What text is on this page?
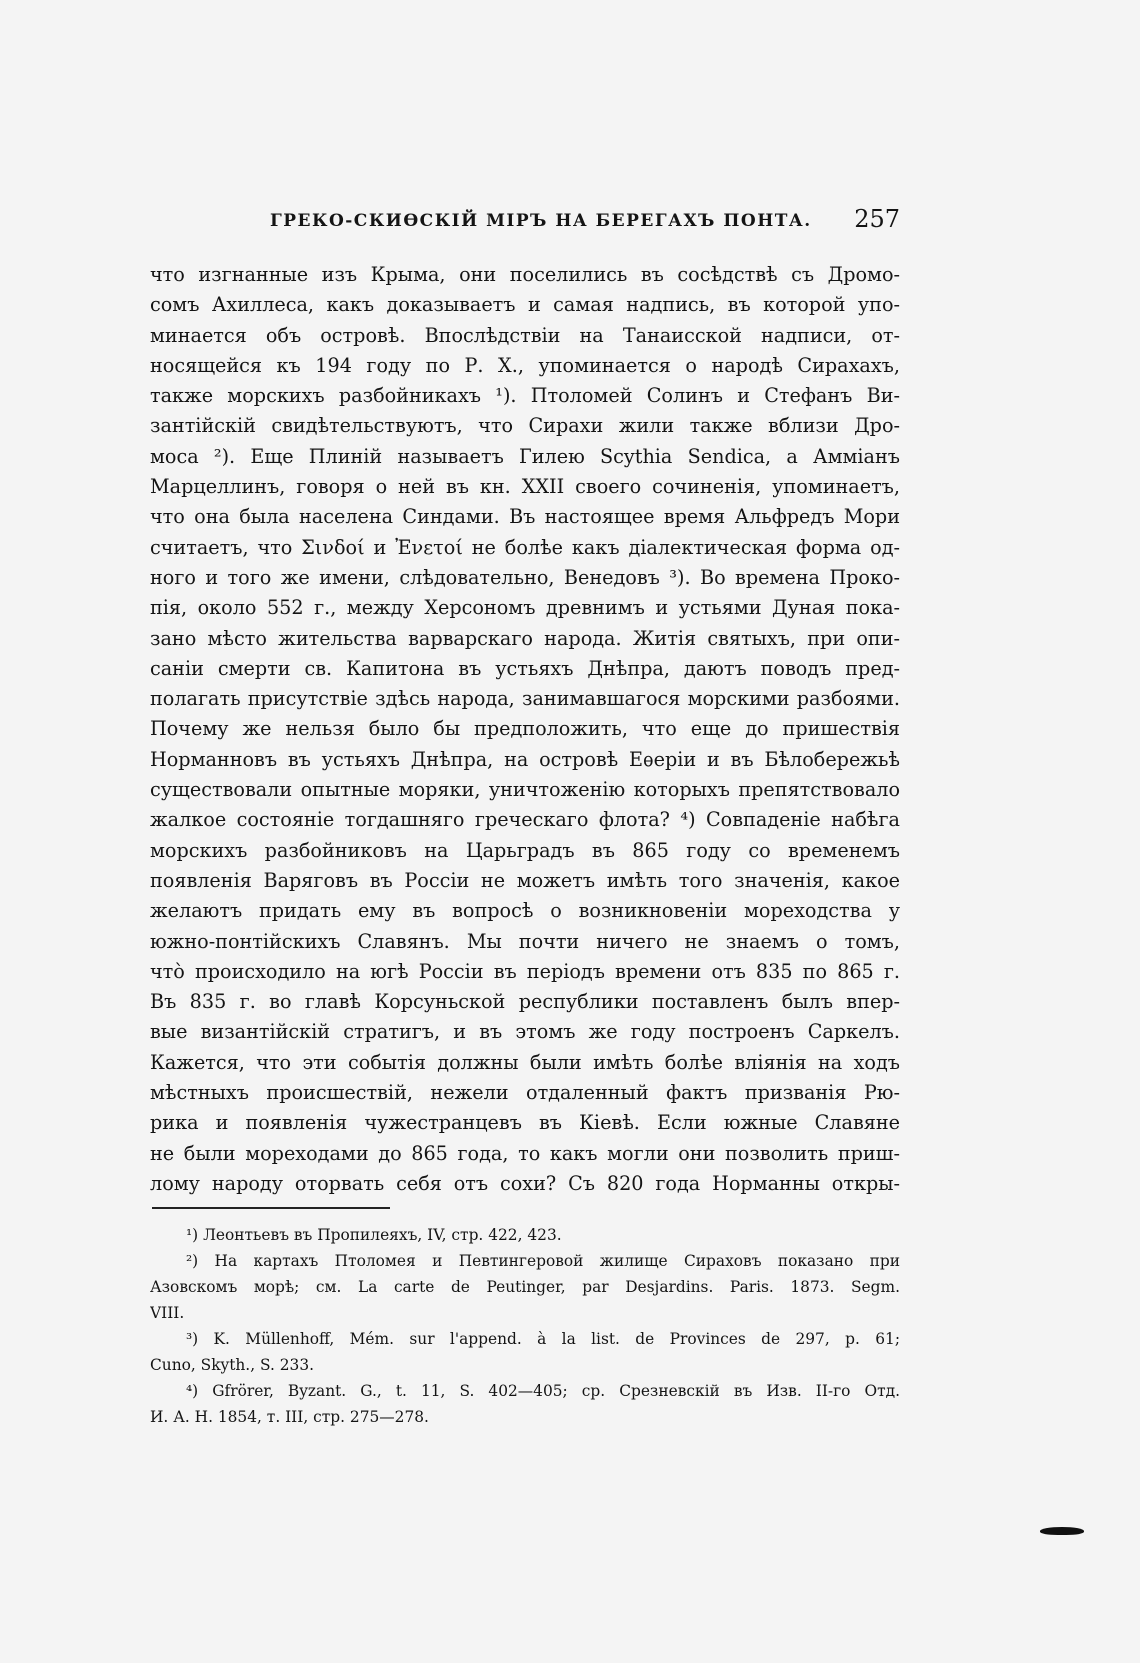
ГРЕКО-СКИѲСКІЙ МІРЪ НА БЕРЕГАХЪ ПОНТА. 257
что изгнанные изъ Крыма, они поселились въ сосѣдствѣ съ Дромо-
сомъ Ахиллеса, какъ доказываетъ и самая надпись, въ которой упо-
минается объ островѣ. Впослѣдствіи на Танаисской надписи, от-
носящейся къ 194 году по Р. Х., упоминается о народѣ Сирахахъ,
также морскихъ разбойникахъ ¹). Птоломей Солинъ и Стефанъ Ви-
зантійскій свидѣтельствуютъ, что Сирахи жили также вблизи Дро-
моса ²). Еще Плиній называетъ Гилею Scythia Sendica, а Амміанъ
Марцеллинъ, говоря о ней въ кн. XXII своего сочиненія, упоминаетъ,
что она была населена Синдами. Въ настоящее время Альфредъ Мори
считаетъ, что Σινδοί и Ἐνετοί не болѣе какъ діалектическая форма од-
ного и того же имени, слѣдовательно, Венедовъ ³). Во времена Проко-
пія, около 552 г., между Херсономъ древнимъ и устьями Дуная пока-
зано мѣсто жительства варварскаго народа. Житія святыхъ, при опи-
саніи смерти св. Капитона въ устьяхъ Днѣпра, даютъ поводъ пред-
полагать присутствіе здѣсь народа, занимавшагося морскими разбоями.
Почему же нельзя было бы предположить, что еще до пришествія
Норманновъ въ устьяхъ Днѣпра, на островѣ Еѳеріи и въ Бѣлобережьѣ
существовали опытные моряки, уничтоженію которыхъ препятствовало
жалкое состояніе тогдашняго греческаго флота? ⁴) Совпаденіе набѣга
морскихъ разбойниковъ на Царьградъ въ 865 году со временемъ
появленія Варяговъ въ Россіи не можетъ имѣть того значенія, какое
желаютъ придать ему въ вопросѣ о возникновеніи мореходства у
южно-понтійскихъ Славянъ. Мы почти ничего не знаемъ о томъ,
что̀ происходило на югѣ Россіи въ періодъ времени отъ 835 по 865 г.
Въ 835 г. во главѣ Корсуньской республики поставленъ былъ впер-
вые византійскій стратигъ, и въ этомъ же году построенъ Саркелъ.
Кажется, что эти событія должны были имѣть болѣе вліянія на ходъ
мѣстныхъ происшествій, нежели отдаленный фактъ призванія Рю-
рика и появленія чужестранцевъ въ Кіевѣ. Если южные Славяне
не были мореходами до 865 года, то какъ могли они позволить приш-
лому народу оторвать себя отъ сохи? Съ 820 года Норманны откры-
¹) Леонтьевъ въ Пропилеяхъ, IV, стр. 422, 423.
²) На картахъ Птоломея и Певтингеровой жилище Сираховъ показано при
Азовскомъ морѣ; см. La carte de Peutinger, par Desjardins. Paris. 1873. Segm.
VIII.
³) K. Müllenhoff, Mém. sur l'append. à la list. de Provinces de 297, p. 61;
Cuno, Skyth., S. 233.
⁴) Gfrörer, Byzant. G., t. 11, S. 402—405; ср. Срезневскій въ Изв. II-го Отд.
И. А. Н. 1854, т. III, стр. 275—278.
